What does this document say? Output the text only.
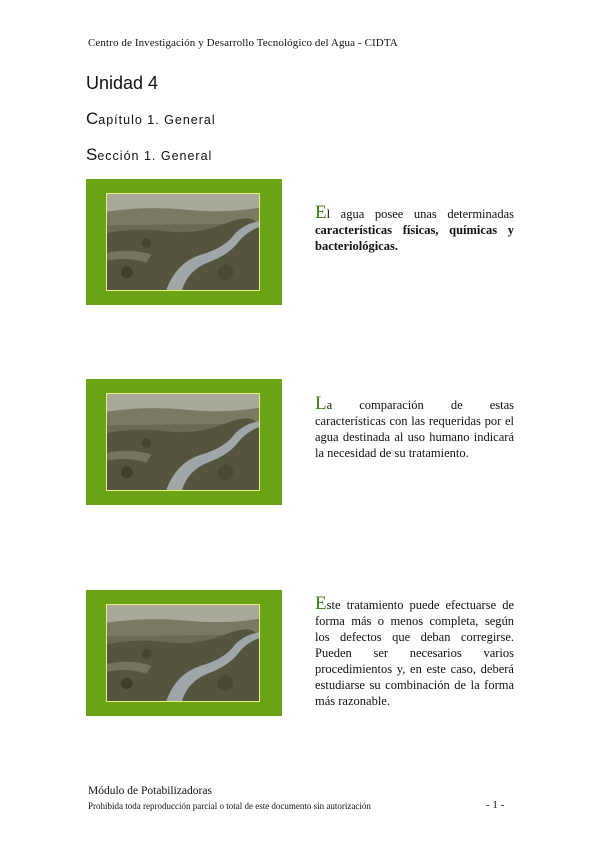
Centro de Investigación y Desarrollo Tecnológico del Agua - CIDTA
Unidad 4
Capítulo 1. General
Sección 1. General
El agua posee unas determinadas características físicas, químicas y bacteriológicas.
La comparación de estas características con las requeridas por el agua destinada al uso humano indicará la necesidad de su tratamiento.
Este tratamiento puede efectuarse de forma más o menos completa, según los defectos que deban corregirse. Pueden ser necesarios varios procedimientos y, en este caso, deberá estudiarse su combinación de la forma más razonable.
Módulo de Potabilizadoras
Prohibida toda reproducción parcial o total de este documento sin autorización	- 1 -
